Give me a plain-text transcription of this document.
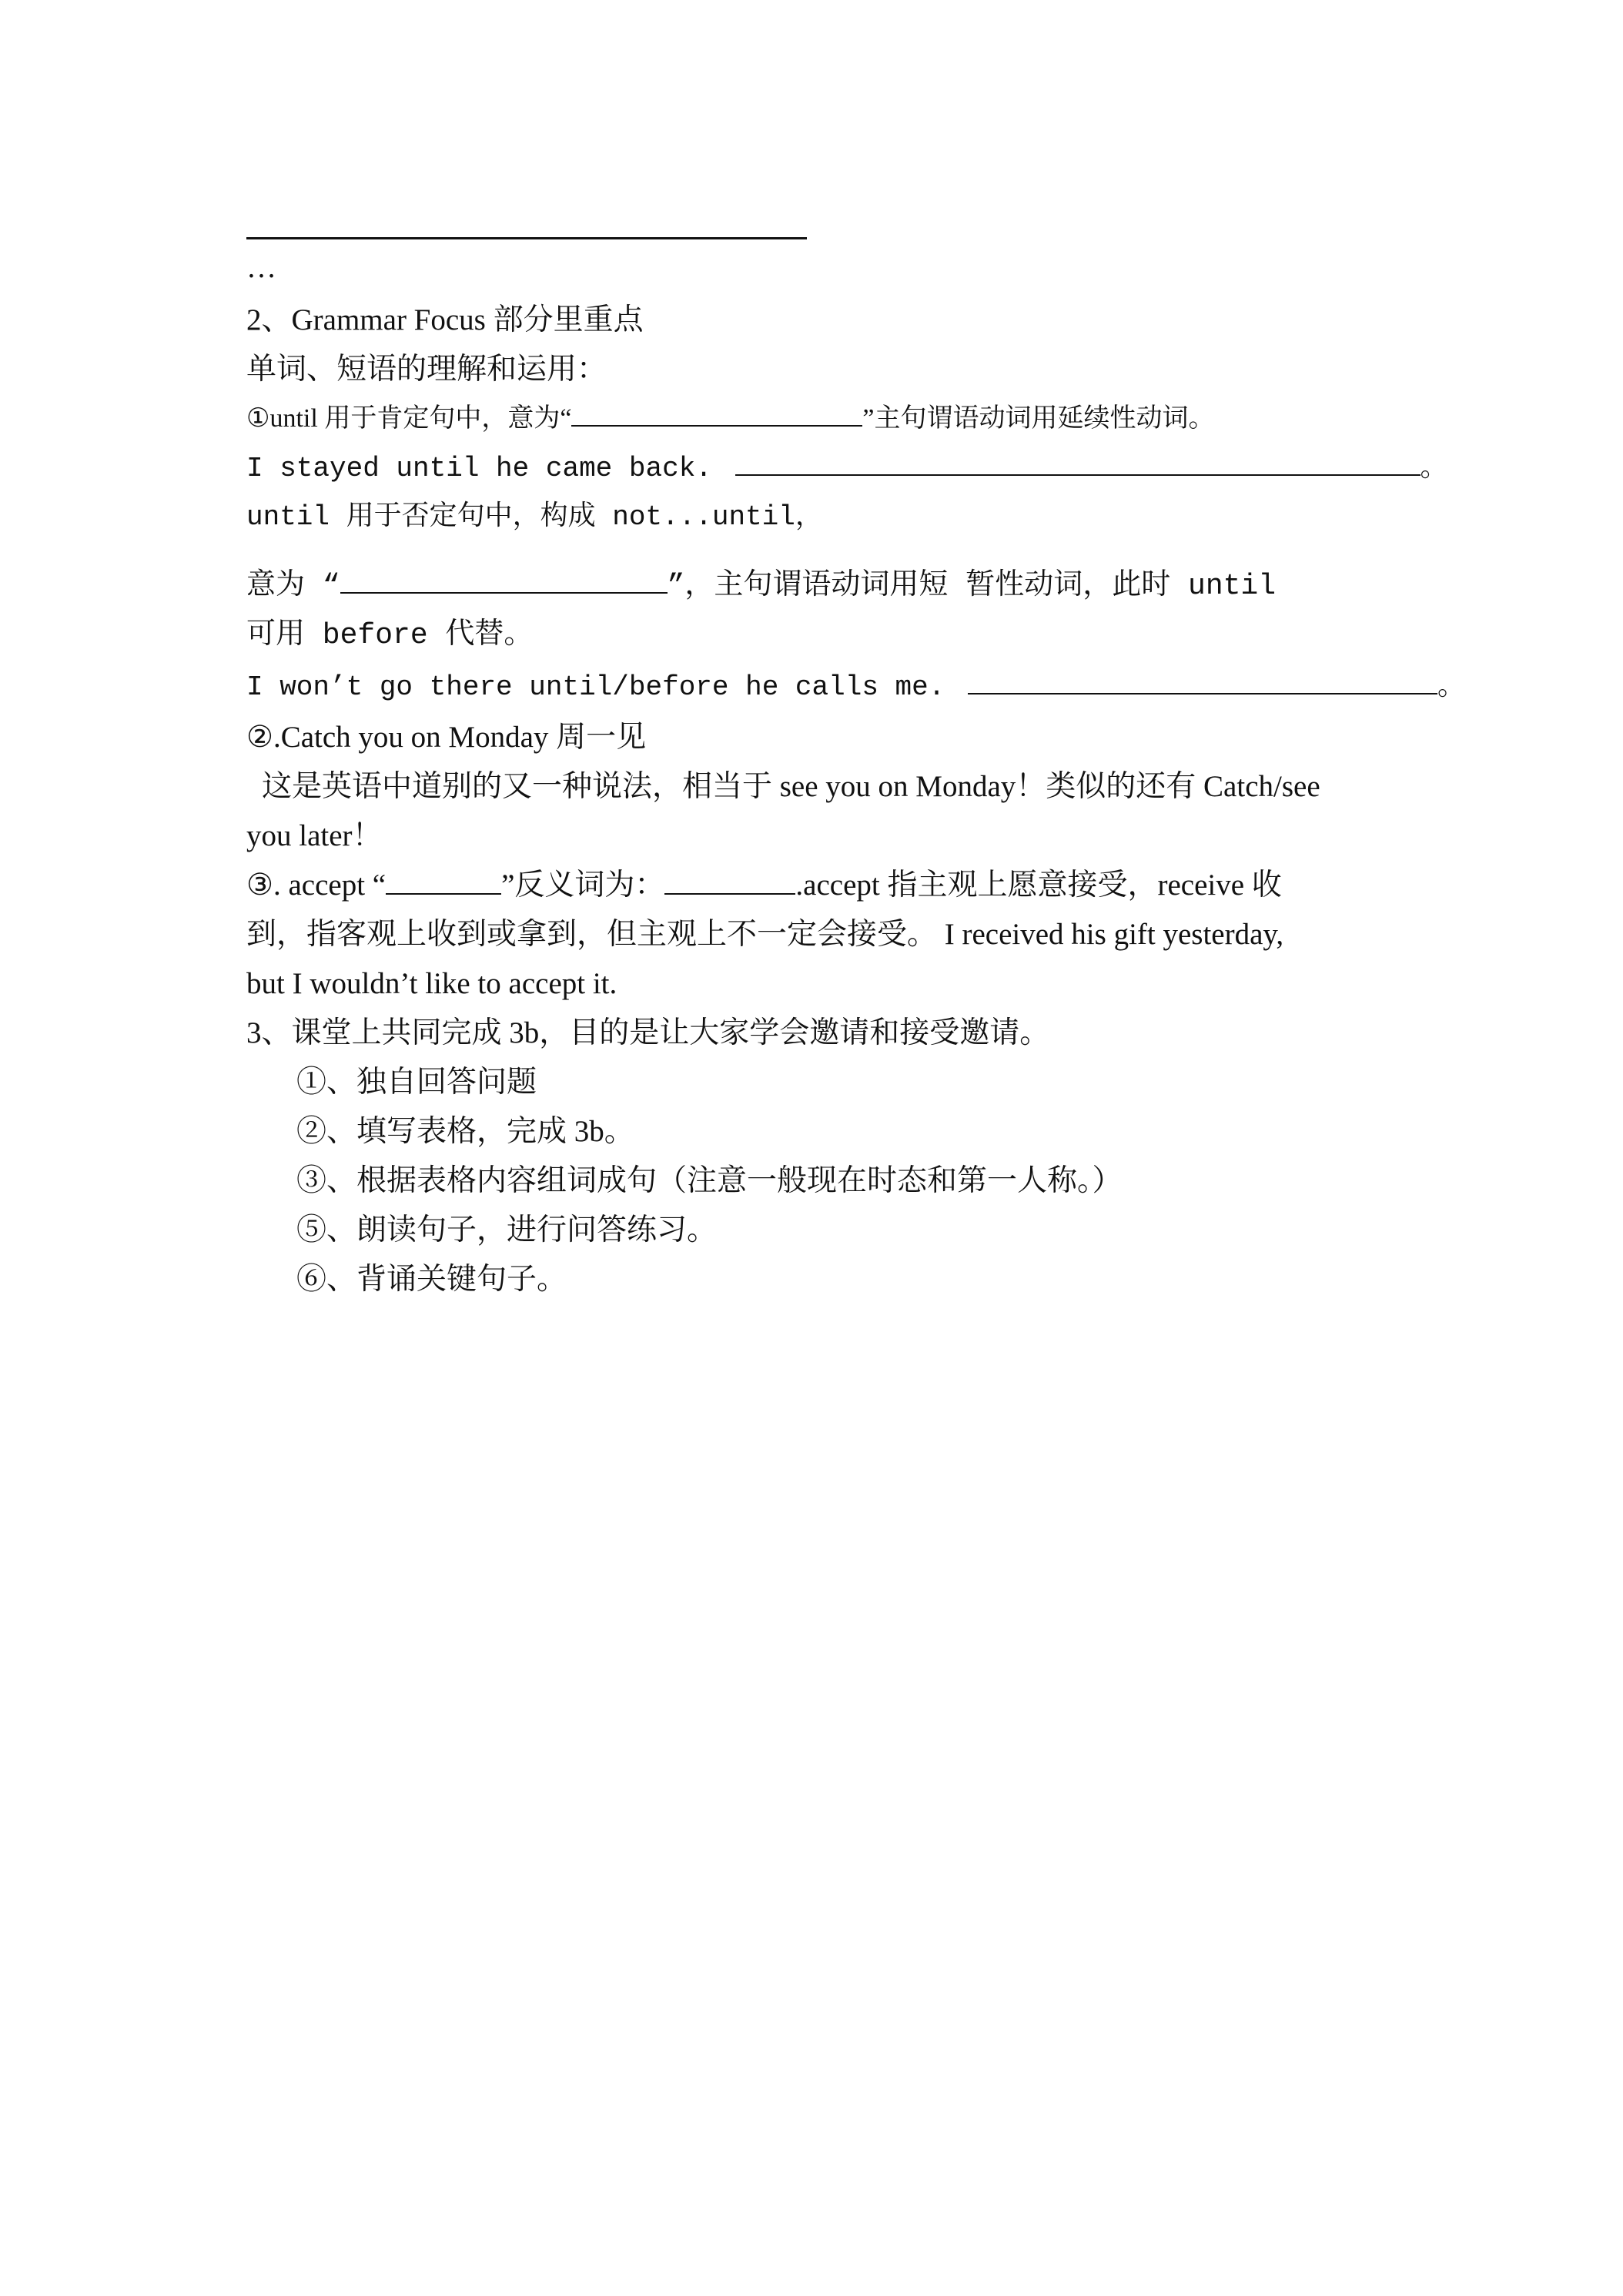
…
2、Grammar Focus 部分里重点
单词、短语的理解和运用：
①until 用于肯定句中，意为“	”主句谓语动词用延续性动词。
I stayed until he came back.	。
until 用于否定句中，构成 not...until，
意为 “	”，主句谓语动词用短 暂性动词，此时 until
可用 before 代替。
I won’t go there until/before he calls me.	。
②.Catch you on Monday 周一见
这是英语中道别的又一种说法，相当于 see you on Monday！类似的还有 Catch/see
you later！
③. accept “	”反义词为：	.accept 指主观上愿意接受，receive 收
到，指客观上收到或拿到，但主观上不一定会接受。 I received his gift yesterday,
but I wouldn’t like to accept it.
3、课堂上共同完成 3b，目的是让大家学会邀请和接受邀请。
①、独自回答问题
②、填写表格，完成 3b。
③、根据表格内容组词成句（注意一般现在时态和第一人称。）
⑤、朗读句子，进行问答练习。
⑥、背诵关键句子。
